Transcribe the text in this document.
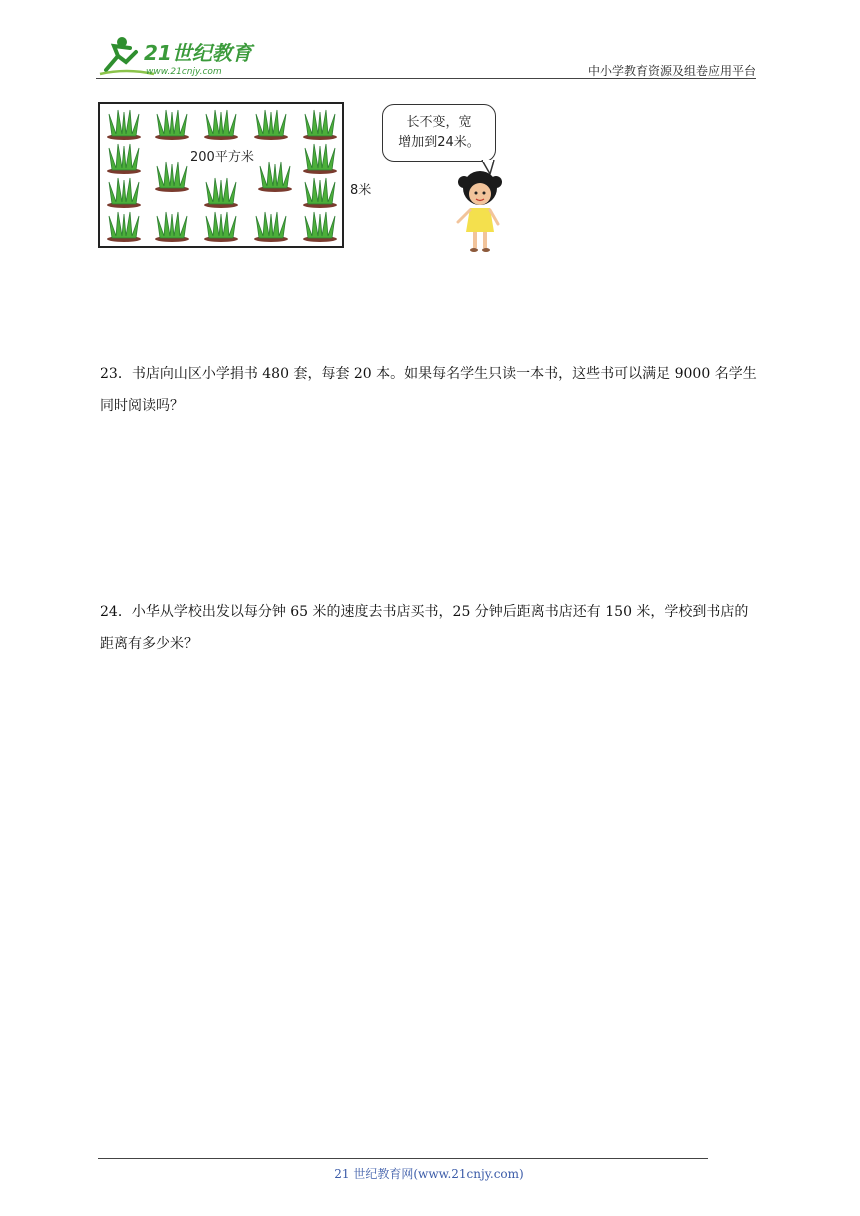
21世纪教育
www.21cnjy.com	中小学教育资源及组卷应用平台
200平方米
8米
长不变，宽
增加到24米。
23．书店向山区小学捐书 480 套，每套 20 本。如果每名学生只读一本书，这些书可以满足 9000 名学生同时阅读吗？
24．小华从学校出发以每分钟 65 米的速度去书店买书，25 分钟后距离书店还有 150 米，学校到书店的距离有多少米？
21 世纪教育网(www.21cnjy.com)
